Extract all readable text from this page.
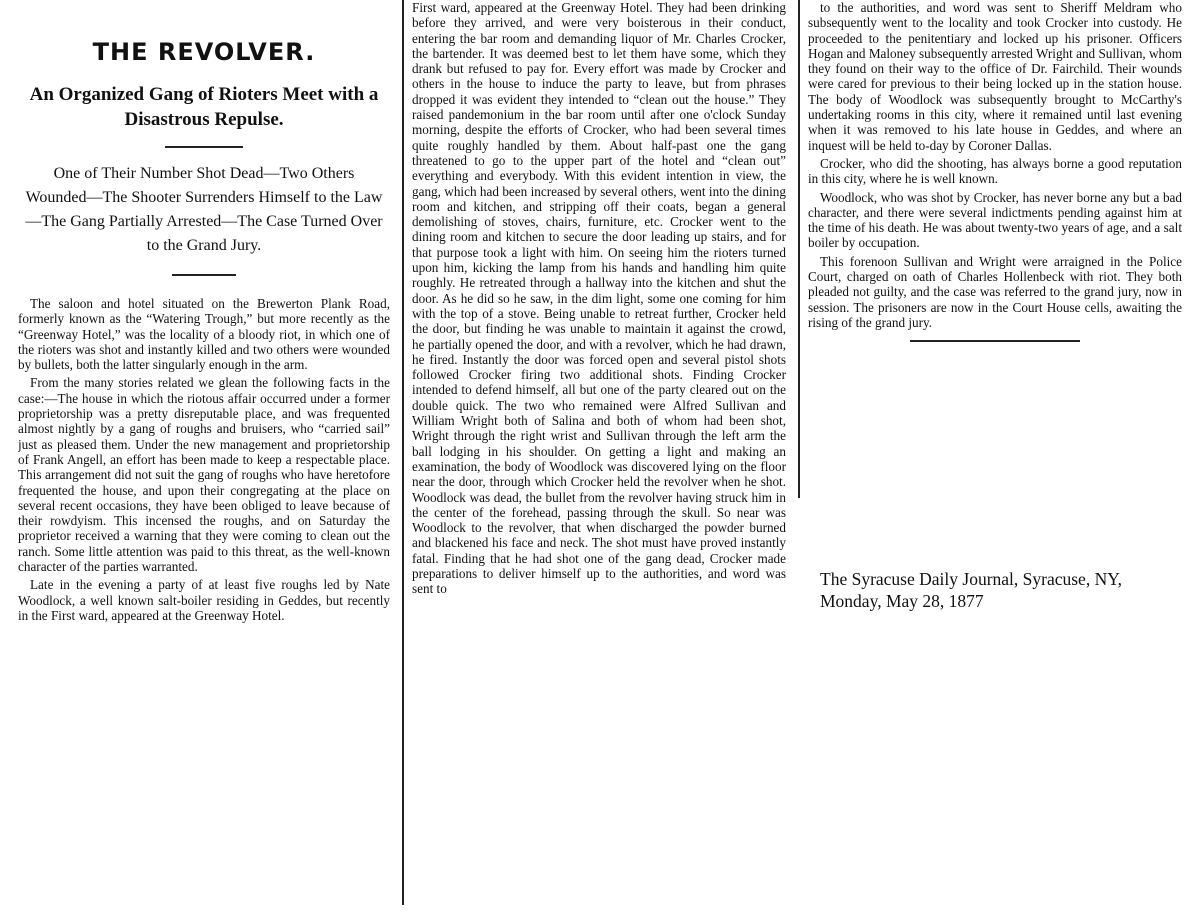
THE REVOLVER.
An Organized Gang of Rioters Meet with a Disastrous Repulse.
One of Their Number Shot Dead—Two Others Wounded—The Shooter Surrenders Himself to the Law—The Gang Partially Arrested—The Case Turned Over to the Grand Jury.

The saloon and hotel situated on the Brewerton Plank Road, formerly known as the “Watering Trough,” but more recently as the “Greenway Hotel,” was the locality of a bloody riot, in which one of the rioters was shot and instantly killed and two others were wounded by bullets, both the latter singularly enough in the arm.

From the many stories related we glean the following facts in the case:—The house in which the riotous affair occurred under a former proprietorship was a pretty disreputable place, and was frequented almost nightly by a gang of roughs and bruisers, who “carried sail” just as pleased them. Under the new management and proprietorship of Frank Angell, an effort has been made to keep a respectable place. This arrangement did not suit the gang of roughs who have heretofore frequented the house, and upon their congregating at the place on several recent occasions, they have been obliged to leave because of their rowdyism. This incensed the roughs, and on Saturday the proprietor received a warning that they were coming to clean out the ranch. Some little attention was paid to this threat, as the well-known character of the parties warranted.

Late in the evening a party of at least five roughs led by Nate Woodlock, a well known salt-boiler residing in Geddes, but recently in the First ward, appeared at the Greenway Hotel.

First ward, appeared at the Greenway Hotel. They had been drinking before they arrived, and were very boisterous in their conduct, entering the bar room and demanding liquor of Mr. Charles Crocker, the bartender. It was deemed best to let them have some, which they drank but refused to pay for. Every effort was made by Crocker and others in the house to induce the party to leave, but from phrases dropped it was evident they intended to “clean out the house.” They raised pandemonium in the bar room until after one o'clock Sunday morning, despite the efforts of Crocker, who had been several times quite roughly handled by them. About half-past one the gang threatened to go to the upper part of the hotel and “clean out” everything and everybody. With this evident intention in view, the gang, which had been increased by several others, went into the dining room and kitchen, and stripping off their coats, began a general demolishing of stoves, chairs, furniture, etc. Crocker went to the dining room and kitchen to secure the door leading up stairs, and for that purpose took a light with him. On seeing him the rioters turned upon him, kicking the lamp from his hands and handling him quite roughly. He retreated through a hallway into the kitchen and shut the door. As he did so he saw, in the dim light, some one coming for him with the top of a stove. Being unable to retreat further, Crocker held the door, but finding he was unable to maintain it against the crowd, he partially opened the door, and with a revolver, which he had drawn, he fired. Instantly the door was forced open and several pistol shots followed Crocker firing two additional shots. Finding Crocker intended to defend himself, all but one of the party cleared out on the double quick. The two who remained were Alfred Sullivan and William Wright both of Salina and both of whom had been shot, Wright through the right wrist and Sullivan through the left arm the ball lodging in his shoulder. On getting a light and making an examination, the body of Woodlock was discovered lying on the floor near the door, through which Crocker held the revolver when he shot. Woodlock was dead, the bullet from the revolver having struck him in the center of the forehead, passing through the skull. So near was Woodlock to the revolver, that when discharged the powder burned and blackened his face and neck. The shot must have proved instantly fatal. Finding that he had shot one of the gang dead, Crocker made preparations to deliver himself up to the authorities, and word was sent to

to the authorities, and word was sent to Sheriff Meldram who subsequently went to the locality and took Crocker into custody. He proceeded to the penitentiary and locked up his prisoner. Officers Hogan and Maloney subsequently arrested Wright and Sullivan, whom they found on their way to the office of Dr. Fairchild. Their wounds were cared for previous to their being locked up in the station house. The body of Woodlock was subsequently brought to McCarthy's undertaking rooms in this city, where it remained until last evening when it was removed to his late house in Geddes, and where an inquest will be held to-day by Coroner Dallas.

Crocker, who did the shooting, has always borne a good reputation in this city, where he is well known.

Woodlock, who was shot by Crocker, has never borne any but a bad character, and there were several indictments pending against him at the time of his death. He was about twenty-two years of age, and a salt boiler by occupation.

This forenoon Sullivan and Wright were arraigned in the Police Court, charged on oath of Charles Hollenbeck with riot. They both pleaded not guilty, and the case was referred to the grand jury, now in session. The prisoners are now in the Court House cells, awaiting the rising of the grand jury.

The Syracuse Daily Journal, Syracuse, NY,
Monday, May 28, 1877
